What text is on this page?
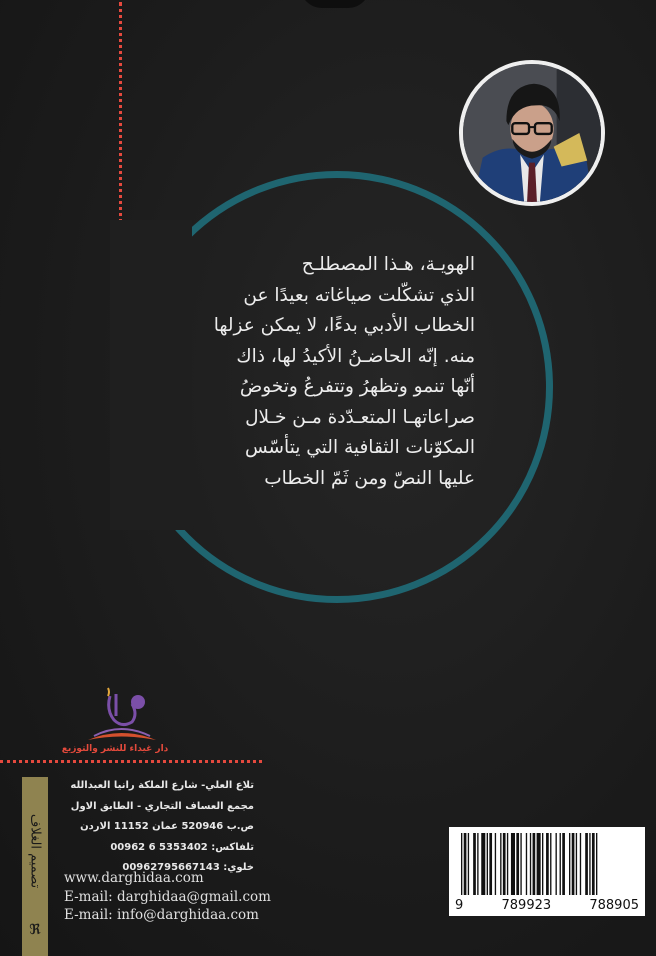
الهويـة، هـذا المصطلـح
الذي تشكّلت صياغاته بعيدًا عن
الخطاب الأدبي بدءًا، لا يمكن عزلها
منه. إنّه الحاضـنُ الأكيدُ لها، ذاك
أنّها تنمو وتظهرُ وتتفرعُ وتخوضُ
صراعاتهـا المتعـدّدة مـن خـلال
المكوّنات الثقافية التي يتأسّس
عليها النصّ ومن ثَمّ الخطاب
دار غيداء للنشر والتوزيع
تصميم الغلاف
ℜ
تلاع العلي- شارع الملكة رانيا العبدالله
مجمع العساف التجاري - الطابق الاول
ص.ب 520946 عمان 11152 الاردن
تلفاكس: 00962 6 5353402
خلوي: 00962795667143
www.darghidaa.com
E-mail: darghidaa@gmail.com
E-mail: info@darghidaa.com
9	789923	788905
